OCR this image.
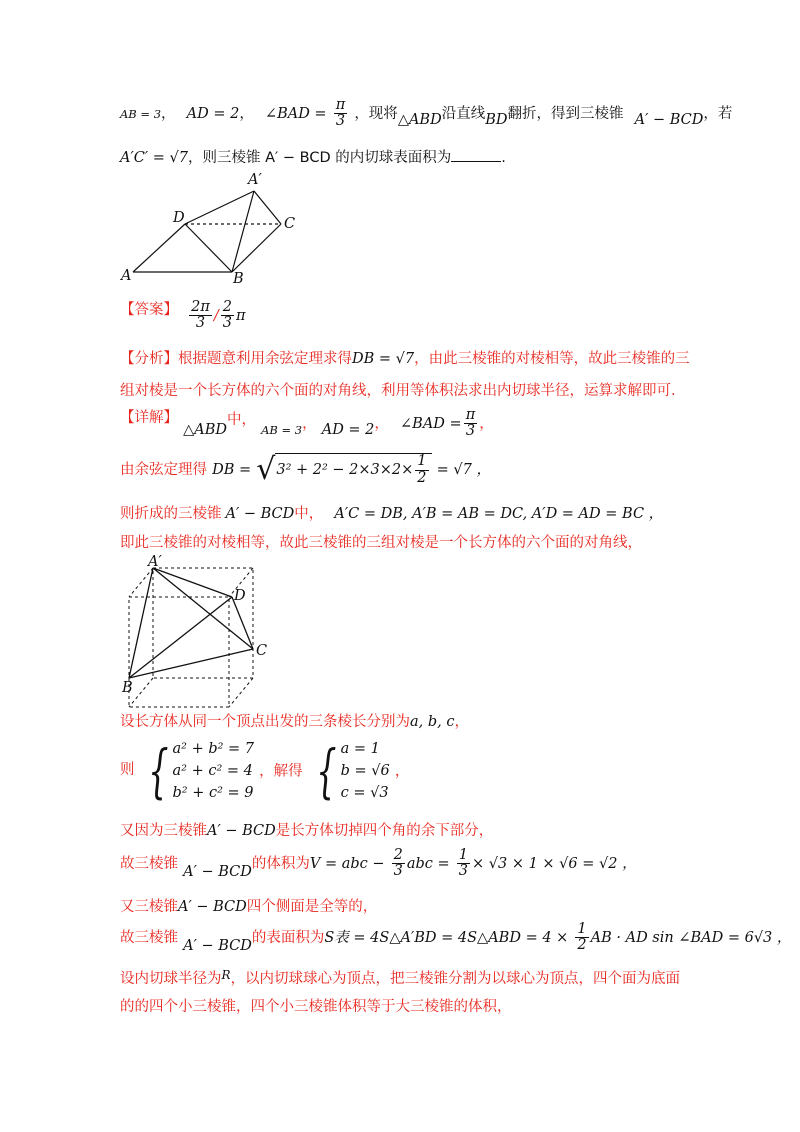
AB = 3， AD = 2， ∠BAD = $\frac{\pi}{3}$ ，现将△ABD沿直线BD翻折，得到三棱锥 A′ − BCD，若
A′C′ = √7，则三棱锥 A′ − BCD 的内切球表面积为	.
A′
D	C
A	B
【答案】 $\frac{2\pi}{3} / \frac{2}{3}$ π
【分析】根据题意利用余弦定理求得DB = √7，由此三棱锥的对棱相等，故此三棱锥的三
组对棱是一个长方体的六个面的对角线，利用等体积法求出内切球半径，运算求解即可.
【详解】 △ABD中， $_{AB = 3}$， AD = 2， ∠BAD = $\frac{\pi}{3}$ ，
由余弦定理得 DB = √ $3^2 + 2^2 - 2\times 3\times 2\times \frac{1}{2} = √7$ ，
则折成的三棱锥 A′ − BCD中， A′C = DB, A′B = AB = DC, A′D = AD = BC ，
即此三棱锥的对棱相等，故此三棱锥的三组对棱是一个长方体的六个面的对角线，
A′
D
C
B
设长方体从同一个顶点出发的三条棱长分别为a, b, c，
则 { a² + b² = 7
a² + c² = 4
b² + c² = 9
，解得 { a = 1
b = √6
c = √3
，
又因为三棱锥A′ − BCD是长方体切掉四个角的余下部分，
故三棱锥 A′ − BCD的体积为V = abc − $\frac{2}{3}$ abc = $\frac{1}{3} \times √3 \times 1 \times √6 = √2$ ，
又三棱锥A′ − BCD四个侧面是全等的，
故三棱锥 A′ − BCD的表面积为S表 = 4S△A′BD = 4S△ABD = $4 \times \frac{1}{2}$ AB · AD sin ∠BAD = 6√3 ，
设内切球半径为$^R$，以内切球球心为顶点，把三棱锥分割为以球心为顶点，四个面为底面
的的四个小三棱锥，四个小三棱锥体积等于大三棱锥的体积，
